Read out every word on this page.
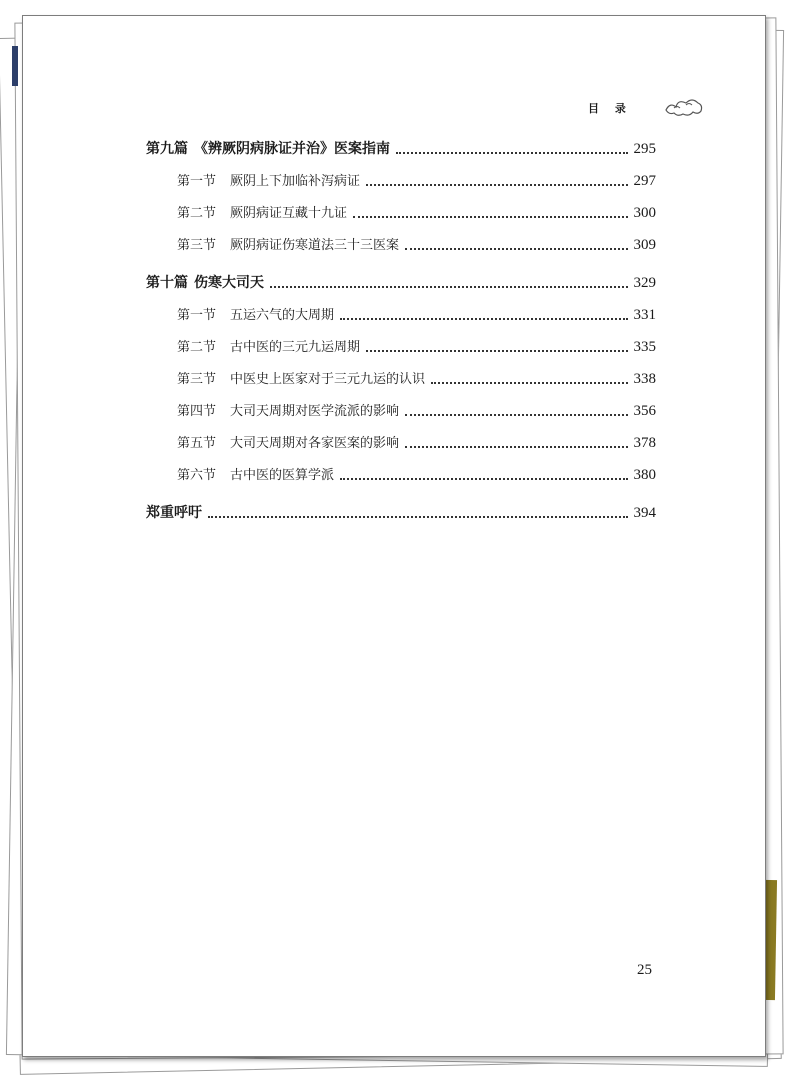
目 录
第九篇 《辨厥阴病脉证并治》医案指南	295
第一节 厥阴上下加临补泻病证	297
第二节 厥阴病证互藏十九证	300
第三节 厥阴病证伤寒道法三十三医案	309
第十篇 伤寒大司天	329
第一节 五运六气的大周期	331
第二节 古中医的三元九运周期	335
第三节 中医史上医家对于三元九运的认识	338
第四节 大司天周期对医学流派的影响	356
第五节 大司天周期对各家医案的影响	378
第六节 古中医的医算学派	380
郑重呼吁	394
25
